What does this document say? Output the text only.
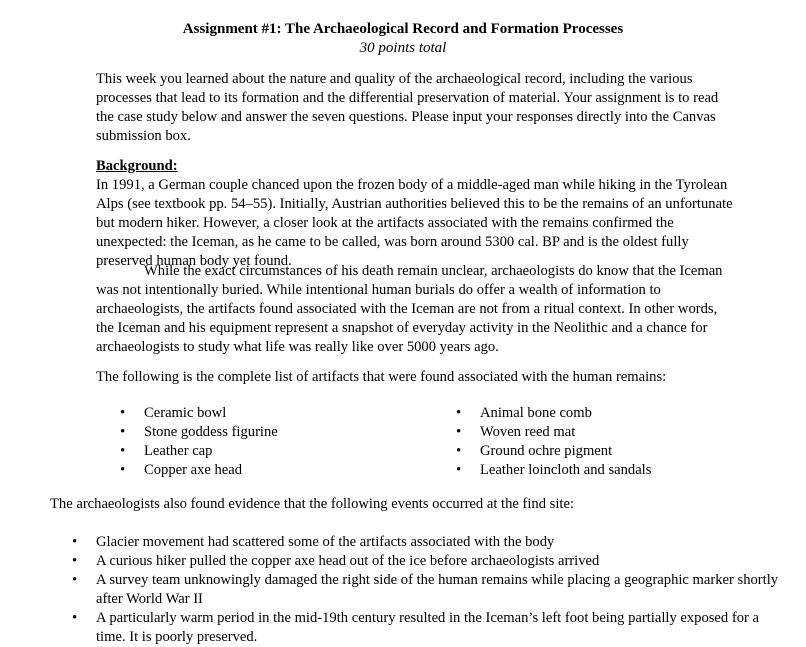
Assignment #1: The Archaeological Record and Formation Processes
30 points total

This week you learned about the nature and quality of the archaeological record, including the various processes that lead to its formation and the differential preservation of material. Your assignment is to read the case study below and answer the seven questions. Please input your responses directly into the Canvas submission box.

Background:

In 1991, a German couple chanced upon the frozen body of a middle-aged man while hiking in the Tyrolean Alps (see textbook pp. 54–55). Initially, Austrian authorities believed this to be the remains of an unfortunate but modern hiker. However, a closer look at the artifacts associated with the remains confirmed the unexpected: the Iceman, as he came to be called, was born around 5300 cal. BP and is the oldest fully preserved human body yet found.

While the exact circumstances of his death remain unclear, archaeologists do know that the Iceman was not intentionally buried. While intentional human burials do offer a wealth of information to archaeologists, the artifacts found associated with the Iceman are not from a ritual context. In other words, the Iceman and his equipment represent a snapshot of everyday activity in the Neolithic and a chance for archaeologists to study what life was really like over 5000 years ago.

The following is the complete list of artifacts that were found associated with the human remains:

• Ceramic bowl
• Stone goddess figurine
• Leather cap
• Copper axe head
• Animal bone comb
• Woven reed mat
• Ground ochre pigment
• Leather loincloth and sandals

The archaeologists also found evidence that the following events occurred at the find site:

• Glacier movement had scattered some of the artifacts associated with the body
• A curious hiker pulled the copper axe head out of the ice before archaeologists arrived
• A survey team unknowingly damaged the right side of the human remains while placing a geographic marker shortly after World War II
• A particularly warm period in the mid-19th century resulted in the Iceman’s left foot being partially exposed for a time. It is poorly preserved.
